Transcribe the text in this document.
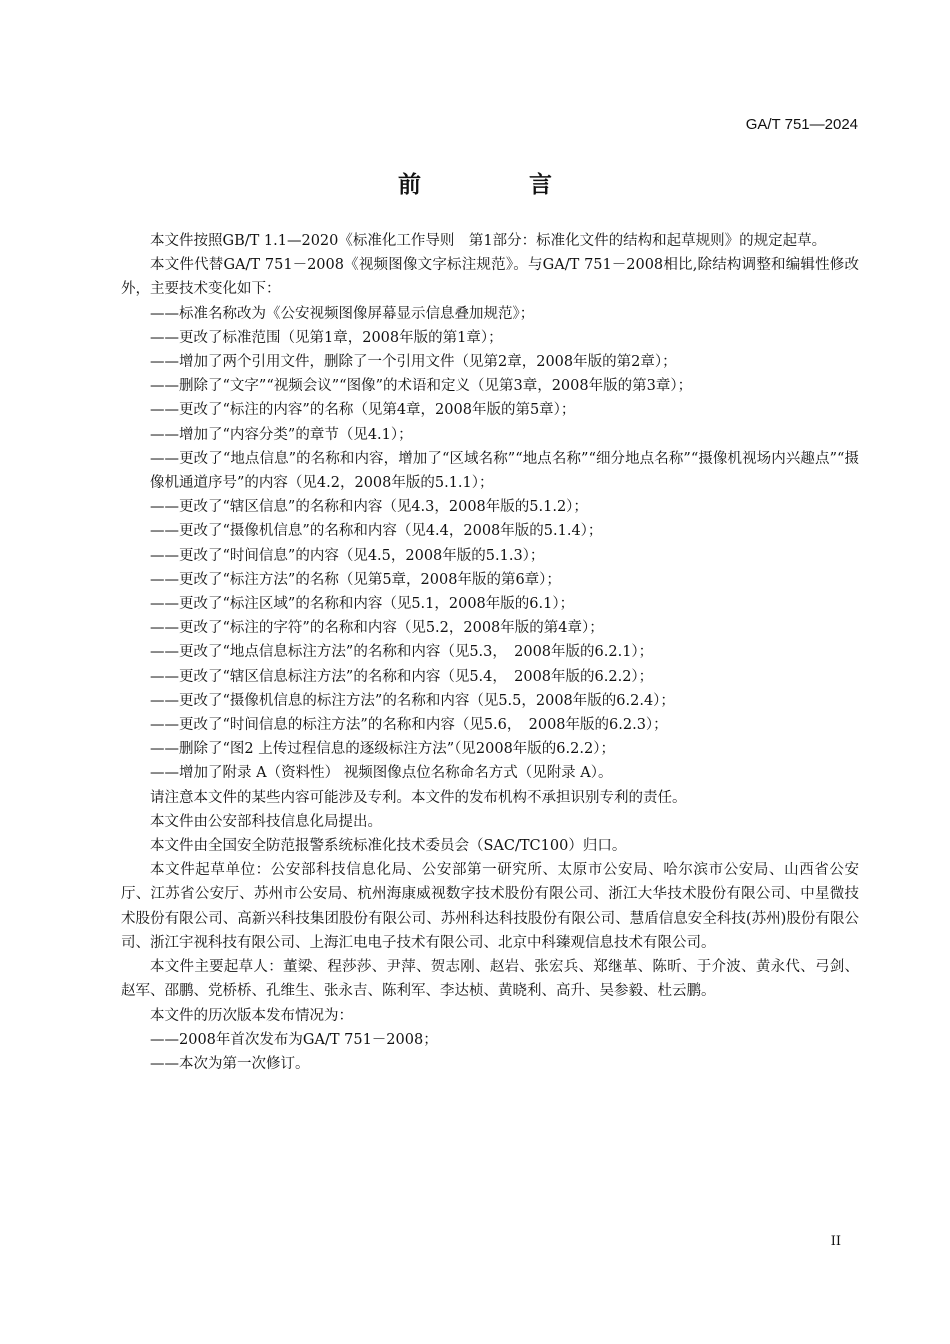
GA/T 751—2024
前 言

本文件按照GB/T 1.1—2020《标准化工作导则　第1部分：标准化文件的结构和起草规则》的规定起草。

本文件代替GA/T 751－2008《视频图像文字标注规范》。与GA/T 751－2008相比,除结构调整和编辑性修改外，主要技术变化如下：

——标准名称改为《公安视频图像屏幕显示信息叠加规范》；

——更改了标准范围（见第1章，2008年版的第1章）；

——增加了两个引用文件，删除了一个引用文件（见第2章，2008年版的第2章）；

——删除了“文字”“视频会议”“图像”的术语和定义（见第3章，2008年版的第3章）；

——更改了“标注的内容”的名称（见第4章，2008年版的第5章）；

——增加了“内容分类”的章节（见4.1）；

——更改了“地点信息”的名称和内容，增加了“区域名称”“地点名称”“细分地点名称”“摄像机视场内兴趣点”“摄像机通道序号”的内容（见4.2，2008年版的5.1.1）；

——更改了“辖区信息”的名称和内容（见4.3，2008年版的5.1.2）；

——更改了“摄像机信息”的名称和内容（见4.4，2008年版的5.1.4）；

——更改了“时间信息”的内容（见4.5，2008年版的5.1.3）；

——更改了“标注方法”的名称（见第5章，2008年版的第6章）；

——更改了“标注区域”的名称和内容（见5.1，2008年版的6.1）；

——更改了“标注的字符”的名称和内容（见5.2，2008年版的第4章）；

——更改了“地点信息标注方法”的名称和内容（见5.3，　2008年版的6.2.1）；

——更改了“辖区信息标注方法”的名称和内容（见5.4，　2008年版的6.2.2）；

——更改了“摄像机信息的标注方法”的名称和内容（见5.5，2008年版的6.2.4）；

——更改了“时间信息的标注方法”的名称和内容（见5.6，　2008年版的6.2.3）；

——删除了“图2 上传过程信息的逐级标注方法”（见2008年版的6.2.2）；

——增加了附录 A（资料性） 视频图像点位名称命名方式（见附录 A）。

请注意本文件的某些内容可能涉及专利。本文件的发布机构不承担识别专利的责任。

本文件由公安部科技信息化局提出。

本文件由全国安全防范报警系统标准化技术委员会（SAC/TC100）归口。

本文件起草单位：公安部科技信息化局、公安部第一研究所、太原市公安局、哈尔滨市公安局、山西省公安厅、江苏省公安厅、苏州市公安局、杭州海康威视数字技术股份有限公司、浙江大华技术股份有限公司、中星微技术股份有限公司、高新兴科技集团股份有限公司、苏州科达科技股份有限公司、慧盾信息安全科技(苏州)股份有限公司、浙江宇视科技有限公司、上海汇电电子技术有限公司、北京中科臻观信息技术有限公司。

本文件主要起草人：董梁、程莎莎、尹萍、贺志刚、赵岩、张宏兵、郑继革、陈昕、于介波、黄永代、弓剑、赵军、邵鹏、党桥桥、孔维生、张永吉、陈利军、李达桢、黄晓利、高升、吴参毅、杜云鹏。

本文件的历次版本发布情况为：

——2008年首次发布为GA/T 751－2008；

——本次为第一次修订。

II
